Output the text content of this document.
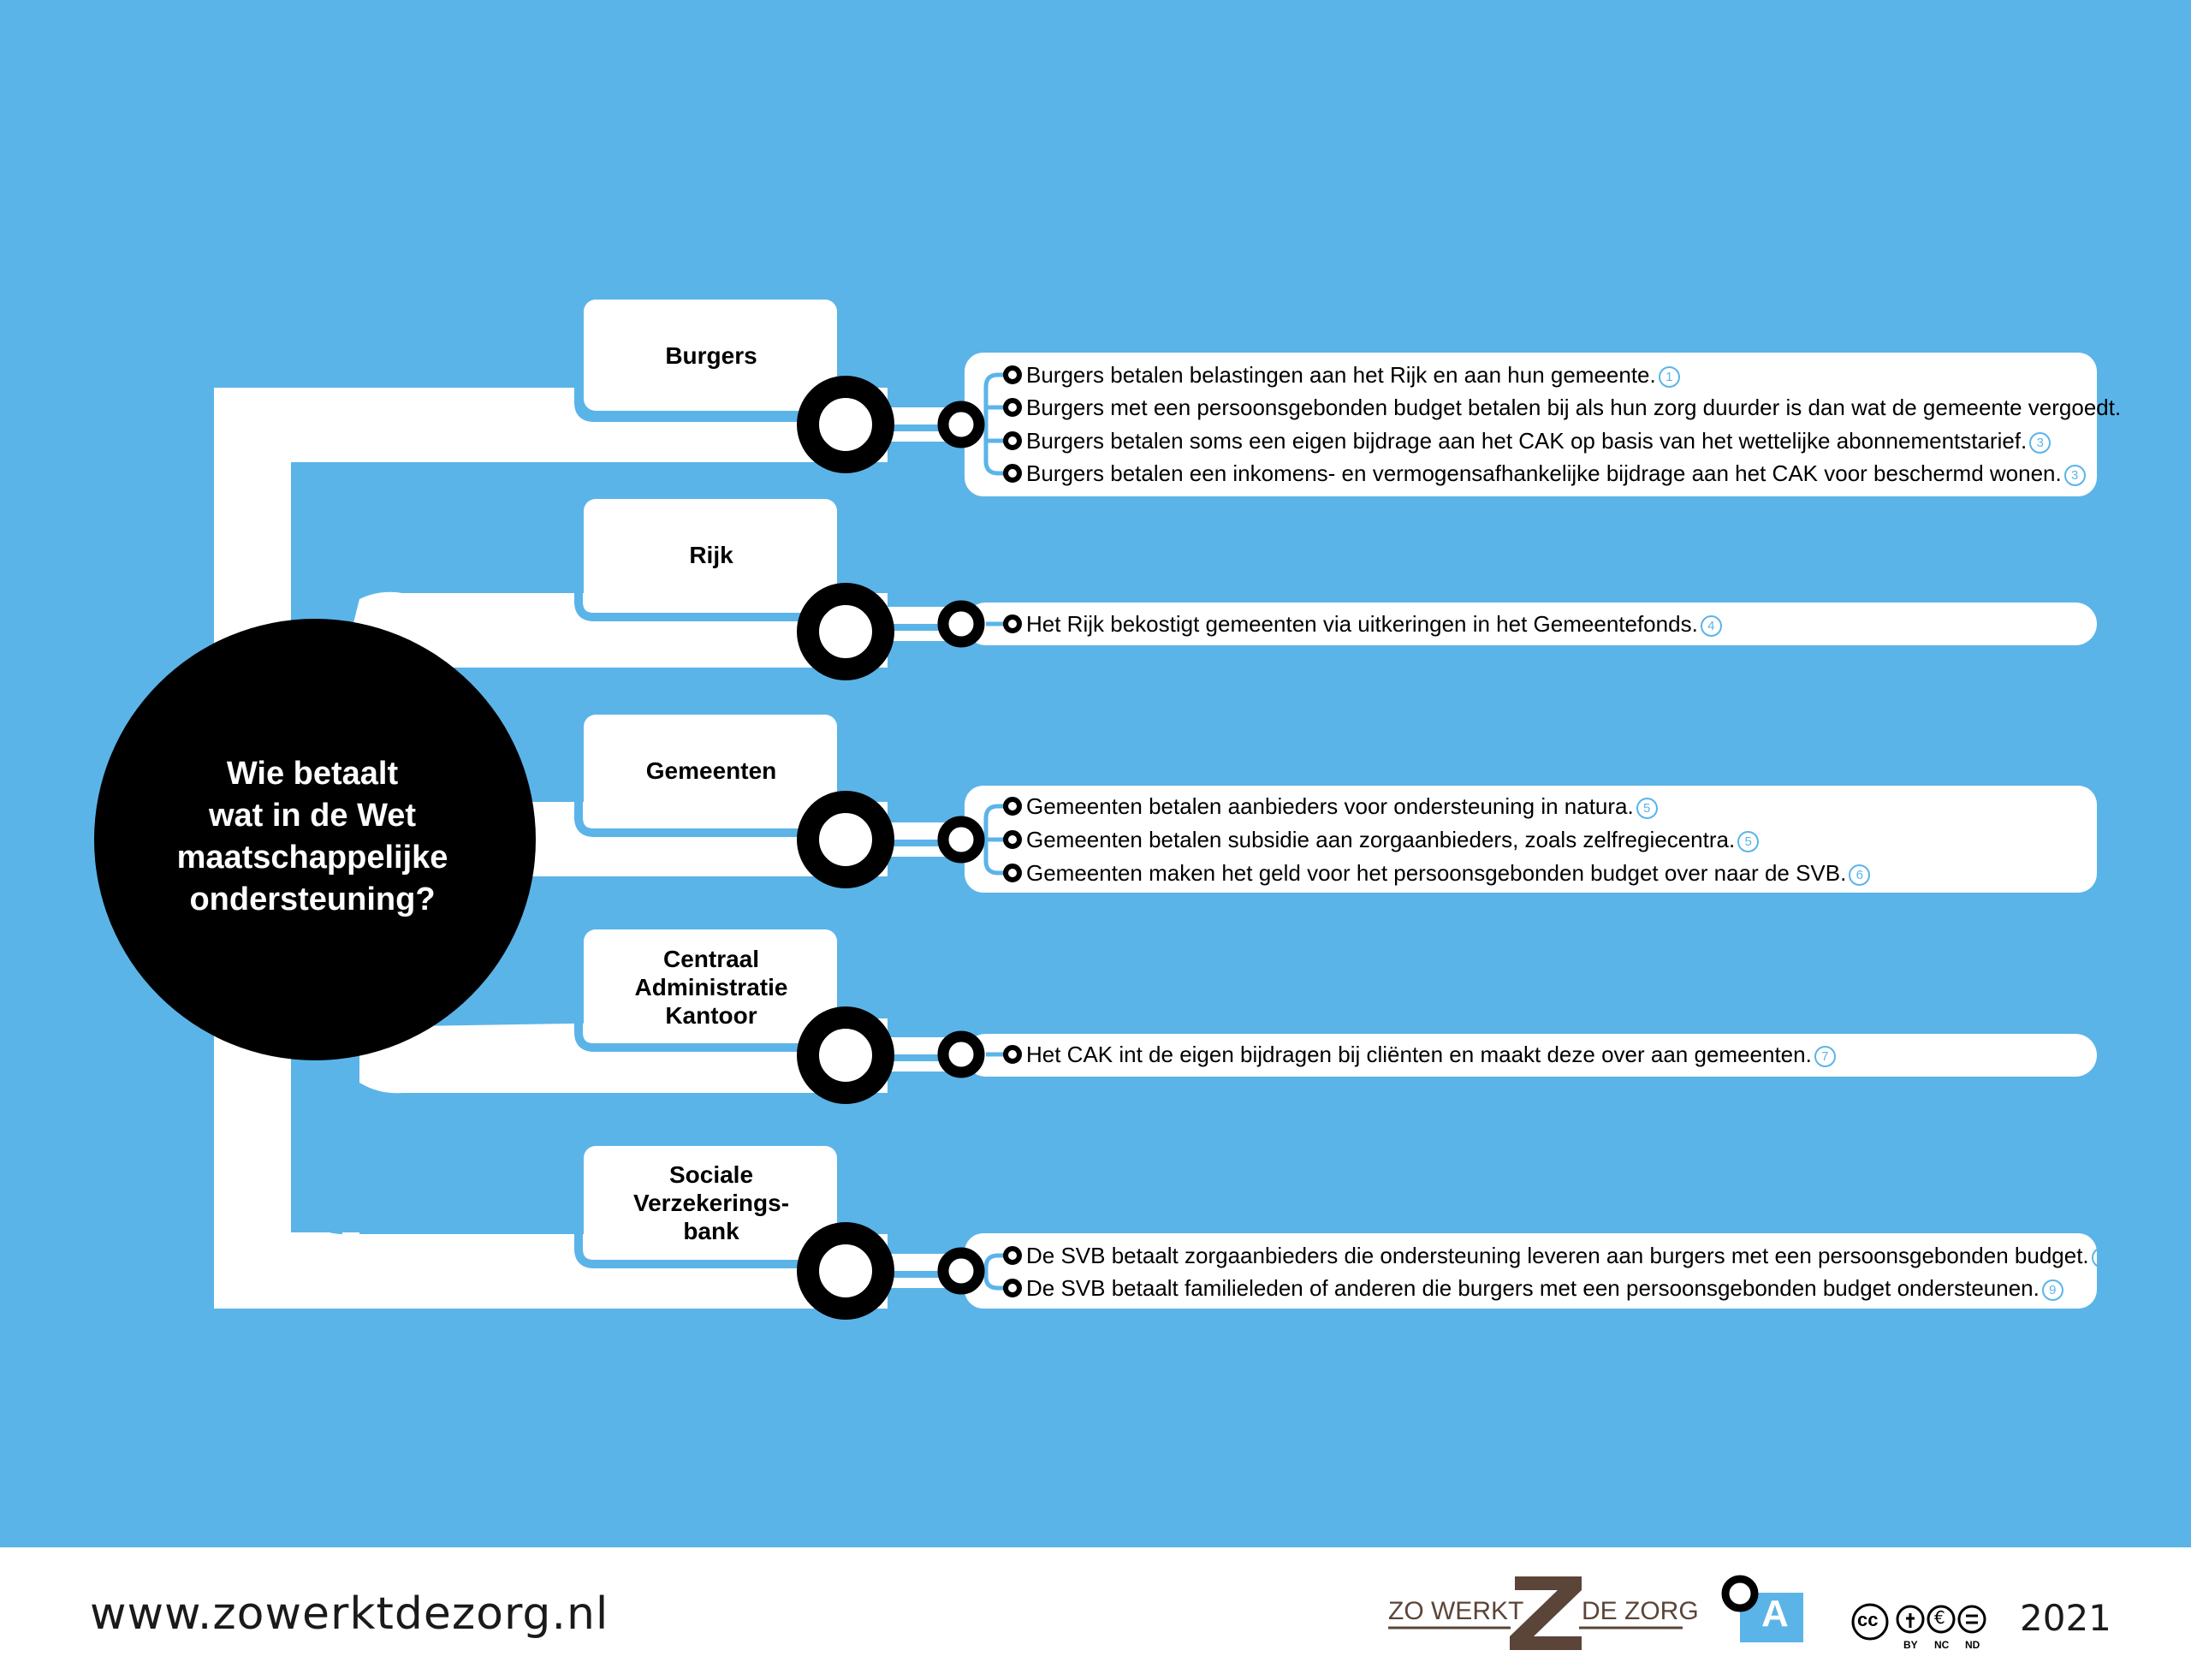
Wie betaalt
wat in de Wet
maatschappelijke
ondersteuning?
Burgers
Rijk
Gemeenten
Centraal
Administratie
Kantoor
Sociale
Verzekerings-
bank
Burgers betalen belastingen aan het Rijk en aan hun gemeente. 1
Burgers met een persoonsgebonden budget betalen bij als hun zorg duurder is dan wat de gemeente vergoedt. 2
Burgers betalen soms een eigen bijdrage aan het CAK op basis van het wettelijke abonnementstarief. 3
Burgers betalen een inkomens- en vermogensafhankelijke bijdrage aan het CAK voor beschermd wonen. 3
Het Rijk bekostigt gemeenten via uitkeringen in het Gemeentefonds. 4
Gemeenten betalen aanbieders voor ondersteuning in natura. 5
Gemeenten betalen subsidie aan zorgaanbieders, zoals zelfregiecentra. 5
Gemeenten maken het geld voor het persoonsgebonden budget over naar de SVB. 6
Het CAK int de eigen bijdragen bij cliënten en maakt deze over aan gemeenten. 7
De SVB betaalt zorgaanbieders die ondersteuning leveren aan burgers met een persoonsgebonden budget. 8
De SVB betaalt familieleden of anderen die burgers met een persoonsgebonden budget ondersteunen. 9
www.zowerktdezorg.nl	ZO WERKT DE ZORG A	cc
BY NC ND
€ 2021
